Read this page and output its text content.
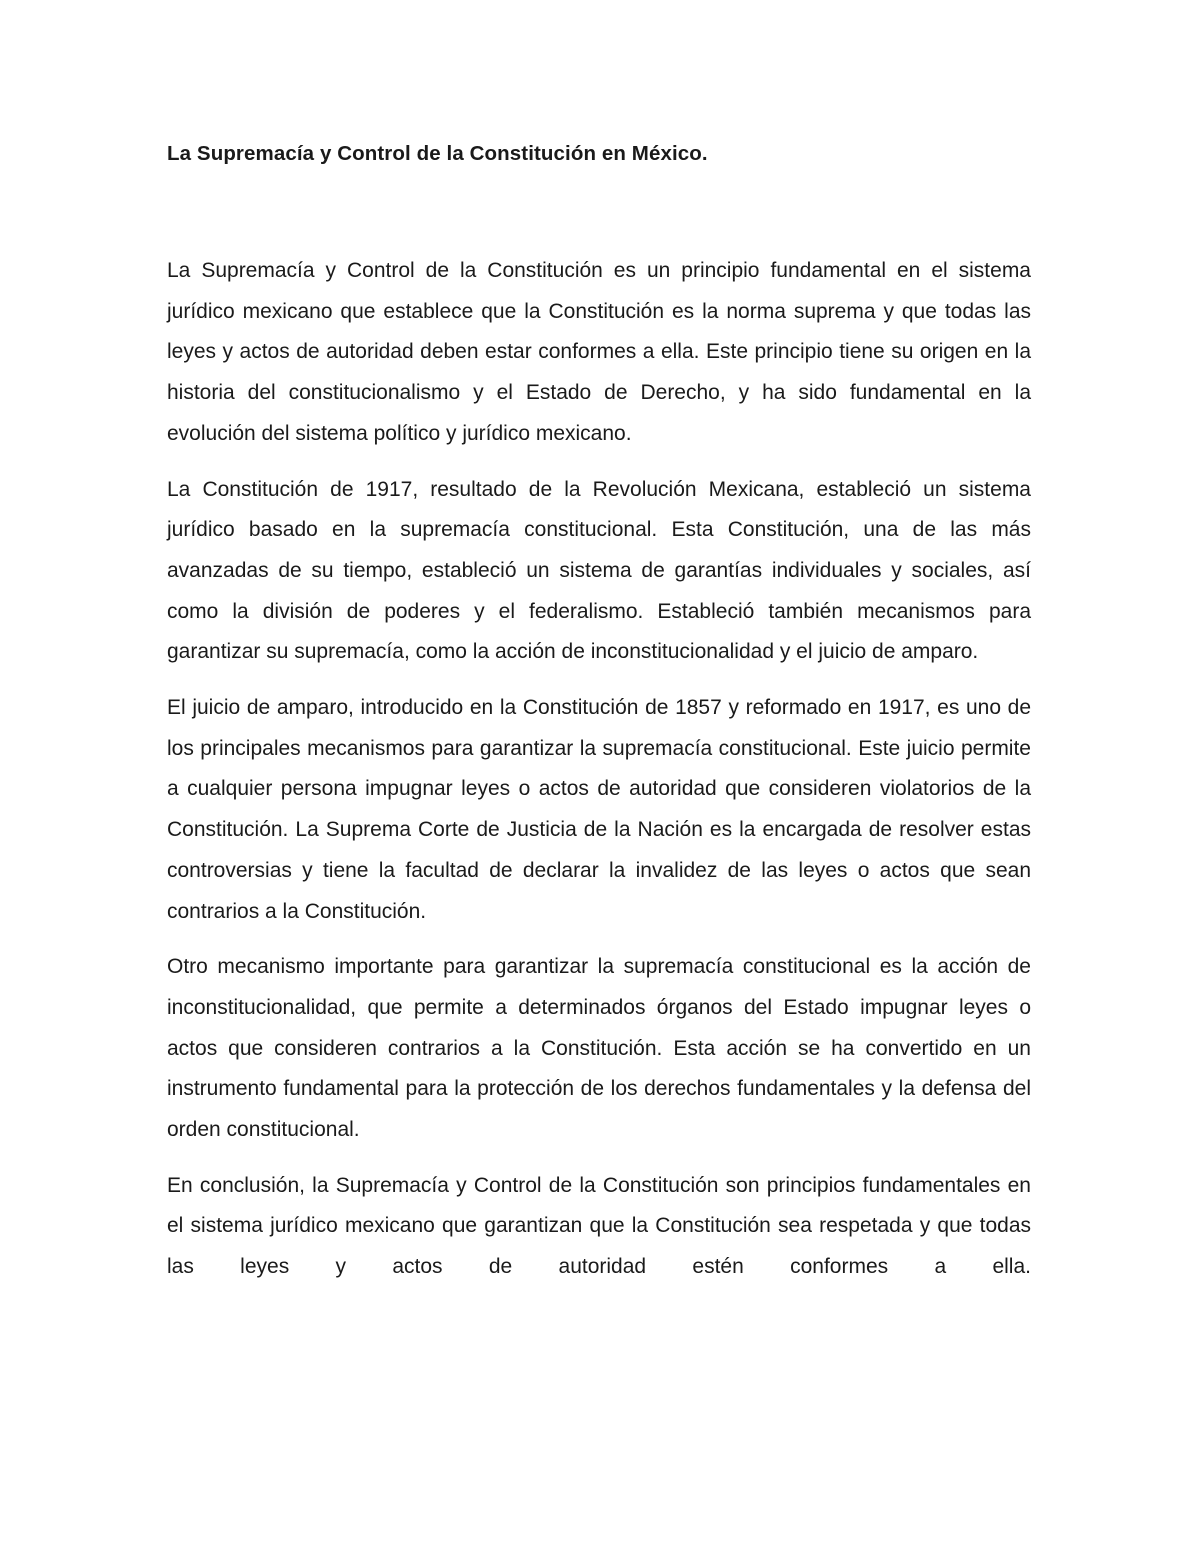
La Supremacía y Control de la Constitución en México.

La Supremacía y Control de la Constitución es un principio fundamental en el sistema jurídico mexicano que establece que la Constitución es la norma suprema y que todas las leyes y actos de autoridad deben estar conformes a ella. Este principio tiene su origen en la historia del constitucionalismo y el Estado de Derecho, y ha sido fundamental en la evolución del sistema político y jurídico mexicano.

La Constitución de 1917, resultado de la Revolución Mexicana, estableció un sistema jurídico basado en la supremacía constitucional. Esta Constitución, una de las más avanzadas de su tiempo, estableció un sistema de garantías individuales y sociales, así como la división de poderes y el federalismo. Estableció también mecanismos para garantizar su supremacía, como la acción de inconstitucionalidad y el juicio de amparo.

El juicio de amparo, introducido en la Constitución de 1857 y reformado en 1917, es uno de los principales mecanismos para garantizar la supremacía constitucional. Este juicio permite a cualquier persona impugnar leyes o actos de autoridad que consideren violatorios de la Constitución. La Suprema Corte de Justicia de la Nación es la encargada de resolver estas controversias y tiene la facultad de declarar la invalidez de las leyes o actos que sean contrarios a la Constitución.

Otro mecanismo importante para garantizar la supremacía constitucional es la acción de inconstitucionalidad, que permite a determinados órganos del Estado impugnar leyes o actos que consideren contrarios a la Constitución. Esta acción se ha convertido en un instrumento fundamental para la protección de los derechos fundamentales y la defensa del orden constitucional.

En conclusión, la Supremacía y Control de la Constitución son principios fundamentales en el sistema jurídico mexicano que garantizan que la Constitución sea respetada y que todas las leyes y actos de autoridad estén conformes a ella.
